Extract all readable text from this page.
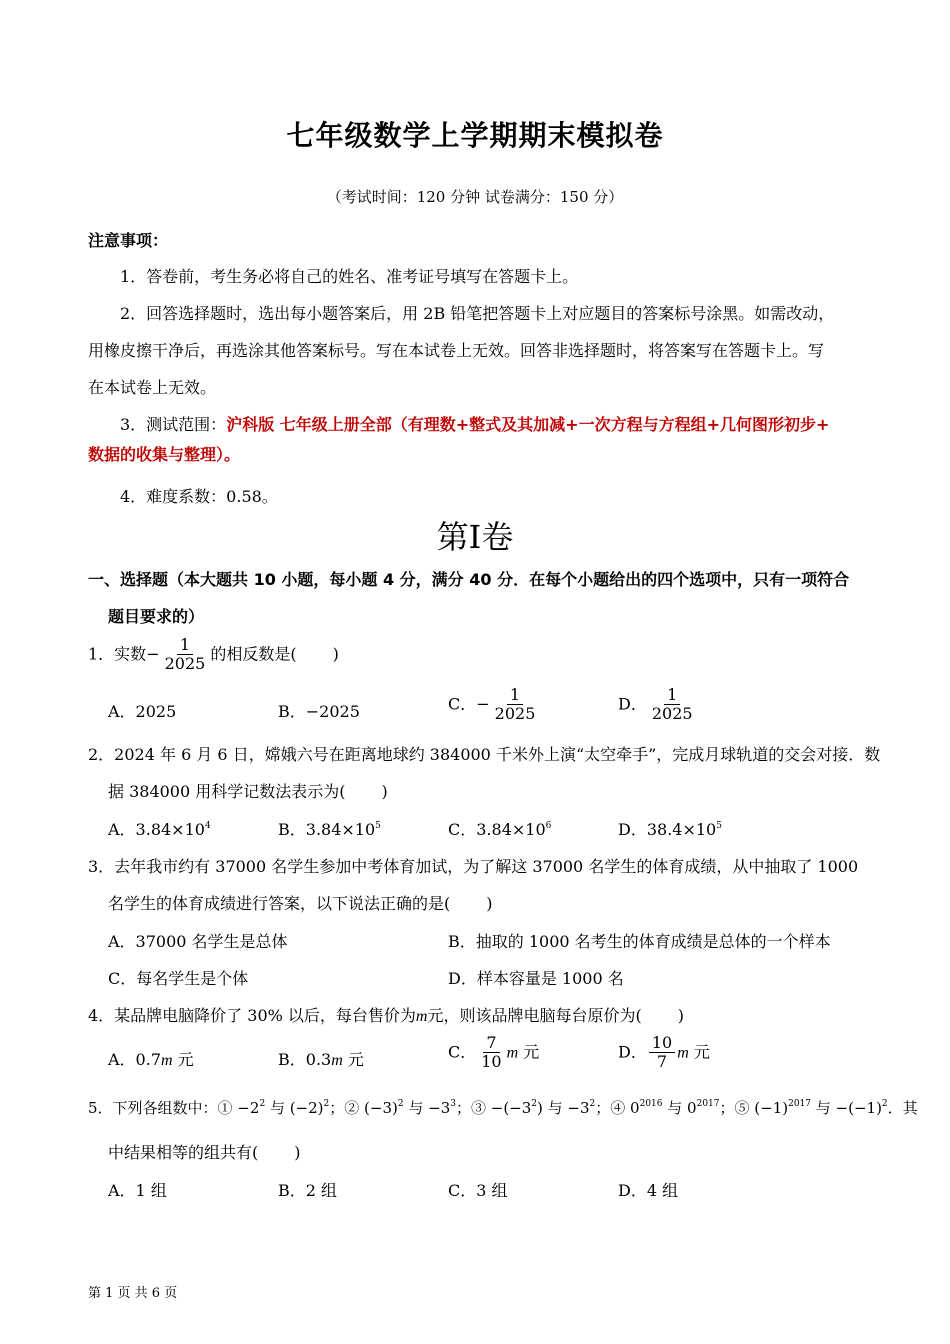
七年级数学上学期期末模拟卷
（考试时间：120 分钟 试卷满分：150 分）
注意事项：
1．答卷前，考生务必将自己的姓名、准考证号填写在答题卡上。
2．回答选择题时，选出每小题答案后，用 2B 铅笔把答题卡上对应题目的答案标号涂黑。如需改动，
用橡皮擦干净后，再选涂其他答案标号。写在本试卷上无效。回答非选择题时，将答案写在答题卡上。写
在本试卷上无效。
3．测试范围：沪科版 七年级上册全部（有理数+整式及其加减+一次方程与方程组+几何图形初步+
数据的收集与整理）。
4．难度系数：0.58。
第Ⅰ卷
一、选择题（本大题共 10 小题，每小题 4 分，满分 40 分．在每个小题给出的四个选项中，只有一项符合
题目要求的）
1．实数− $\frac{1}{2025}$ 的相反数是( )
A．2025	B．−2025	C．− $\frac{1}{2025}$	D． $\frac{1}{2025}$
2．2024 年 6 月 6 日，嫦娥六号在距离地球约 384000 千米外上演“太空牵手”，完成月球轨道的交会对接．数
据 384000 用科学记数法表示为( )
A．$3.84\times 10^4$	B．$3.84\times 10^5$	C．$3.84\times 10^6$	D．$38.4\times 10^5$
3．去年我市约有 37000 名学生参加中考体育加试，为了解这 37000 名学生的体育成绩，从中抽取了 1000
名学生的体育成绩进行答案，以下说法正确的是( )
A．37000 名学生是总体	B．抽取的 1000 名考生的体育成绩是总体的一个样本
C．每名学生是个体	D．样本容量是 1000 名
4．某品牌电脑降价了 30% 以后，每台售价为m元，则该品牌电脑每台原价为( )
A．0.7m 元	B．0.3m 元	C． $\frac{7}{10}$ m 元	D． $\frac{10}{7}$ m 元
5．下列各组数中：① $-2^2$ 与 $(-2)^2$；② $(-3)^2$ 与 $-3^3$；③ $-(-3^2)$ 与 $-3^2$；④ $0^{2016}$ 与 $0^{2017}$；⑤ $(-1)^{2017}$ 与 $-(-1)^2$．其
中结果相等的组共有( )
A．1 组	B．2 组	C．3 组	D．4 组
第 1 页 共 6 页
